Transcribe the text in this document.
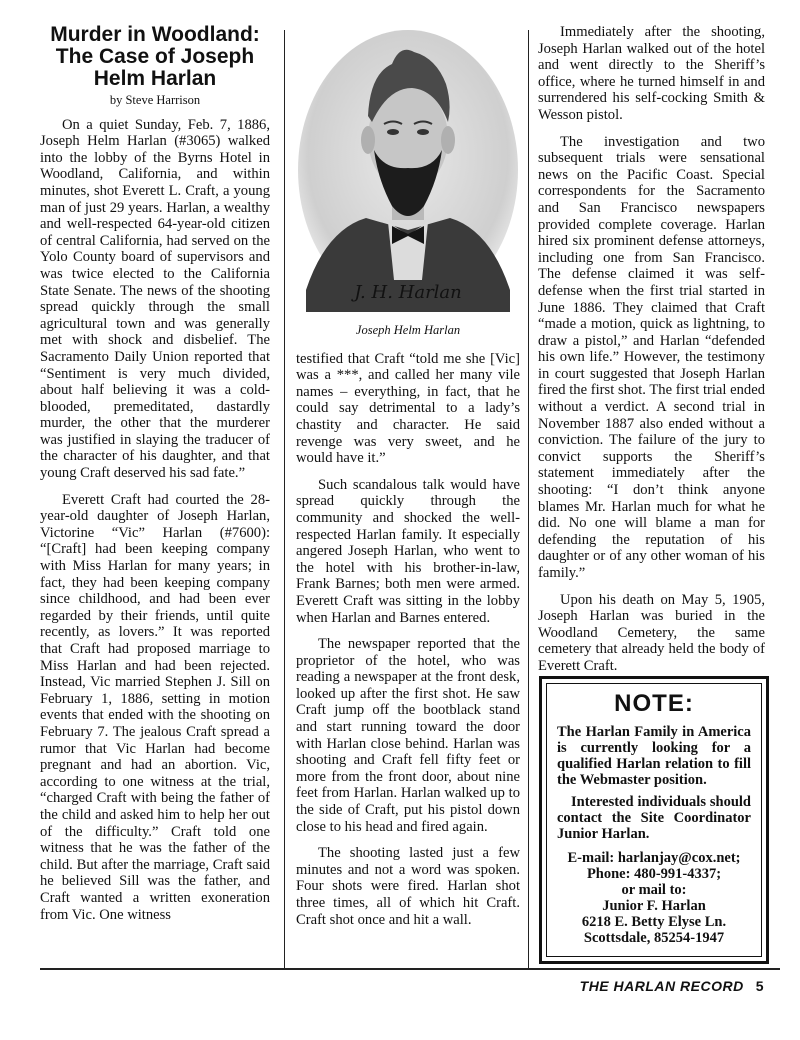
Murder in Woodland: The Case of Joseph Helm Harlan
by Steve Harrison

On a quiet Sunday, Feb. 7, 1886, Joseph Helm Harlan (#3065) walked into the lobby of the Byrns Hotel in Woodland, California, and within minutes, shot Everett L. Craft, a young man of just 29 years. Harlan, a wealthy and well-respected 64-year-old citizen of central California, had served on the Yolo County board of supervisors and was twice elected to the California State Senate. The news of the shooting spread quickly through the small agricultural town and was generally met with shock and disbelief. The Sacramento Daily Union reported that “Sentiment is very much divided, about half believing it was a cold-blooded, premeditated, dastardly murder, the other that the murderer was justified in slaying the traducer of the character of his daughter, and that young Craft deserved his sad fate.”

Everett Craft had courted the 28-year-old daughter of Joseph Harlan, Victorine “Vic” Harlan (#7600): “[Craft] had been keeping company with Miss Harlan for many years; in fact, they had been keeping company since childhood, and had been ever regarded by their friends, until quite recently, as lovers.” It was reported that Craft had proposed marriage to Miss Harlan and had been rejected. Instead, Vic married Stephen J. Sill on February 1, 1886, setting in motion events that ended with the shooting on February 7. The jealous Craft spread a rumor that Vic Harlan had become pregnant and had an abortion. Vic, according to one witness at the trial, “charged Craft with being the father of the child and asked him to help her out of the difficulty.” Craft told one witness that he was the father of the child. But after the marriage, Craft said he believed Sill was the father, and Craft wanted a written exoneration from Vic. One witness

J. H. Harlan
Joseph Helm Harlan

testified that Craft “told me she [Vic] was a ***, and called her many vile names – everything, in fact, that he could say detrimental to a lady’s chastity and character. He said revenge was very sweet, and he would have it.”

Such scandalous talk would have spread quickly through the community and shocked the well-respected Harlan family. It especially angered Joseph Harlan, who went to the hotel with his brother-in-law, Frank Barnes; both men were armed. Everett Craft was sitting in the lobby when Harlan and Barnes entered.

The newspaper reported that the proprietor of the hotel, who was reading a newspaper at the front desk, looked up after the first shot. He saw Craft jump off the bootblack stand and start running toward the door with Harlan close behind. Harlan was shooting and Craft fell fifty feet or more from the front door, about nine feet from Harlan. Harlan walked up to the side of Craft, put his pistol down close to his head and fired again.

The shooting lasted just a few minutes and not a word was spoken. Four shots were fired. Harlan shot three times, all of which hit Craft. Craft shot once and hit a wall.

Immediately after the shooting, Joseph Harlan walked out of the hotel and went directly to the Sheriff’s office, where he turned himself in and surrendered his self-cocking Smith & Wesson pistol.

The investigation and two subsequent trials were sensational news on the Pacific Coast. Special correspondents for the Sacramento and San Francisco newspapers provided complete coverage. Harlan hired six prominent defense attorneys, including one from San Francisco. The defense claimed it was self-defense when the first trial started in June 1886. They claimed that Craft “made a motion, quick as lightning, to draw a pistol,” and Harlan “defended his own life.” However, the testimony in court suggested that Joseph Harlan fired the first shot. The first trial ended without a verdict. A second trial in November 1887 also ended without a conviction. The failure of the jury to convict supports the Sheriff’s statement immediately after the shooting: “I don’t think anyone blames Mr. Harlan much for what he did. No one will blame a man for defending the reputation of his daughter or of any other woman of his family.”

Upon his death on May 5, 1905, Joseph Harlan was buried in the Woodland Cemetery, the same cemetery that already held the body of Everett Craft.

NOTE:

The Harlan Family in America is currently looking for a qualified Harlan relation to fill the Webmaster position.

Interested individuals should contact the Site Coordinator Junior Harlan.

E-mail: harlanjay@cox.net;

Phone: 480-991-4337;

or mail to:

Junior F. Harlan

6218 E. Betty Elyse Ln.

Scottsdale, 85254-1947

THE HARLAN RECORD 5
